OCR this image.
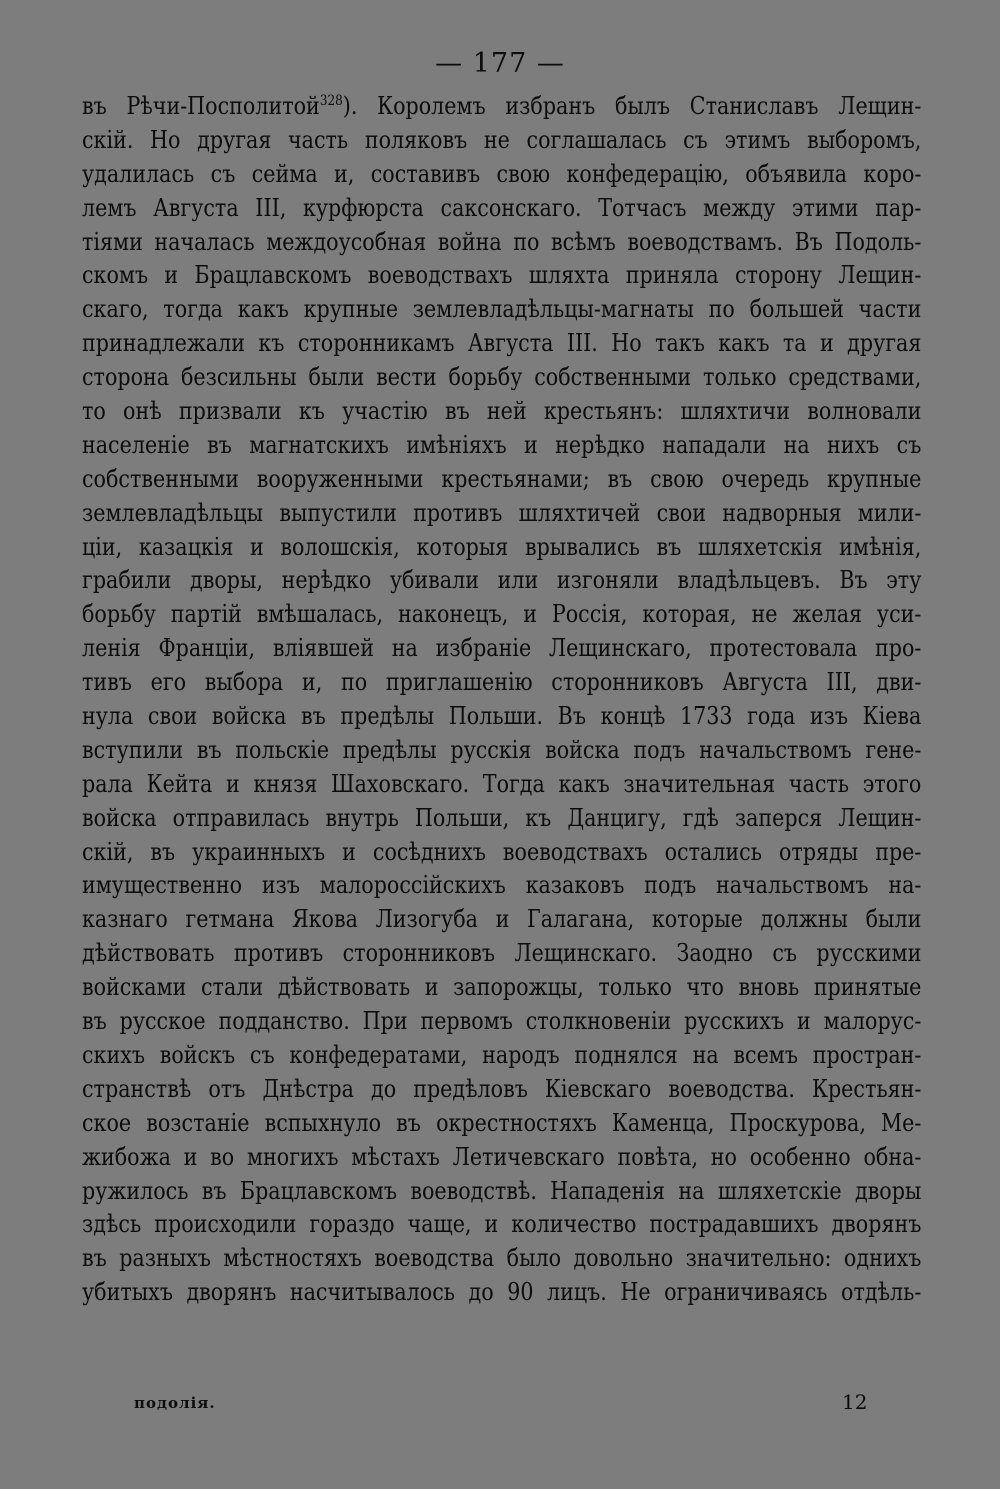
— 177 —
въ Рѣчи-Посполитой$^{328}$). Королемъ избранъ былъ Станиславъ Лещин-
скій. Но другая часть поляковъ не соглашалась съ этимъ выборомъ,
удалилась съ сейма и, составивъ свою конфедерацію, объявила коро-
лемъ Августа III, курфюрста саксонскаго. Тотчасъ между этими пар-
тіями началась междоусобная война по всѣмъ воеводствамъ. Въ Подоль-
скомъ и Брацлавскомъ воеводствахъ шляхта приняла сторону Лещин-
скаго, тогда какъ крупные землевладѣльцы-магнаты по большей части
принадлежали къ сторонникамъ Августа III. Но такъ какъ та и другая
сторона безсильны были вести борьбу собственными только средствами,
то онѣ призвали къ участію въ ней крестьянъ: шляхтичи волновали
населеніе въ магнатскихъ имѣніяхъ и нерѣдко нападали на нихъ съ
собственными вооруженными крестьянами; въ свою очередь крупные
землевладѣльцы выпустили противъ шляхтичей свои надворныя мили-
ціи, казацкія и волошскія, которыя врывались въ шляхетскія имѣнія,
грабили дворы, нерѣдко убивали или изгоняли владѣльцевъ. Въ эту
борьбу партій вмѣшалась, наконецъ, и Россія, которая, не желая уси-
ленія Франціи, вліявшей на избраніе Лещинскаго, протестовала про-
тивъ его выбора и, по приглашенію сторонниковъ Августа III, дви-
нула свои войска въ предѣлы Польши. Въ концѣ 1733 года изъ Кіева
вступили въ польскіе предѣлы русскія войска подъ начальствомъ гене-
рала Кейта и князя Шаховскаго. Тогда какъ значительная часть этого
войска отправилась внутрь Польши, къ Данцигу, гдѣ заперся Лещин-
скій, въ украинныхъ и сосѣднихъ воеводствахъ остались отряды пре-
имущественно изъ малороссійскихъ казаковъ подъ начальствомъ на-
казнаго гетмана Якова Лизогуба и Галагана, которые должны были
дѣйствовать противъ сторонниковъ Лещинскаго. Заодно съ русскими
войсками стали дѣйствовать и запорожцы, только что вновь принятые
въ русское подданство. При первомъ столкновеніи русскихъ и малорус-
скихъ войскъ съ конфедератами, народъ поднялся на всемъ простран-
странствѣ отъ Днѣстра до предѣловъ Кіевскаго воеводства. Крестьян-
ское возстаніе вспыхнуло въ окрестностяхъ Каменца, Проскурова, Ме-
жибожа и во многихъ мѣстахъ Летичевскаго повѣта, но особенно обна-
ружилось въ Брацлавскомъ воеводствѣ. Нападенія на шляхетскіе дворы
здѣсь происходили гораздо чаще, и количество пострадавшихъ дворянъ
въ разныхъ мѣстностяхъ воеводства было довольно значительно: однихъ
убитыхъ дворянъ насчитывалось до 90 лицъ. Не ограничиваясь отдѣль-
подолія.	12
